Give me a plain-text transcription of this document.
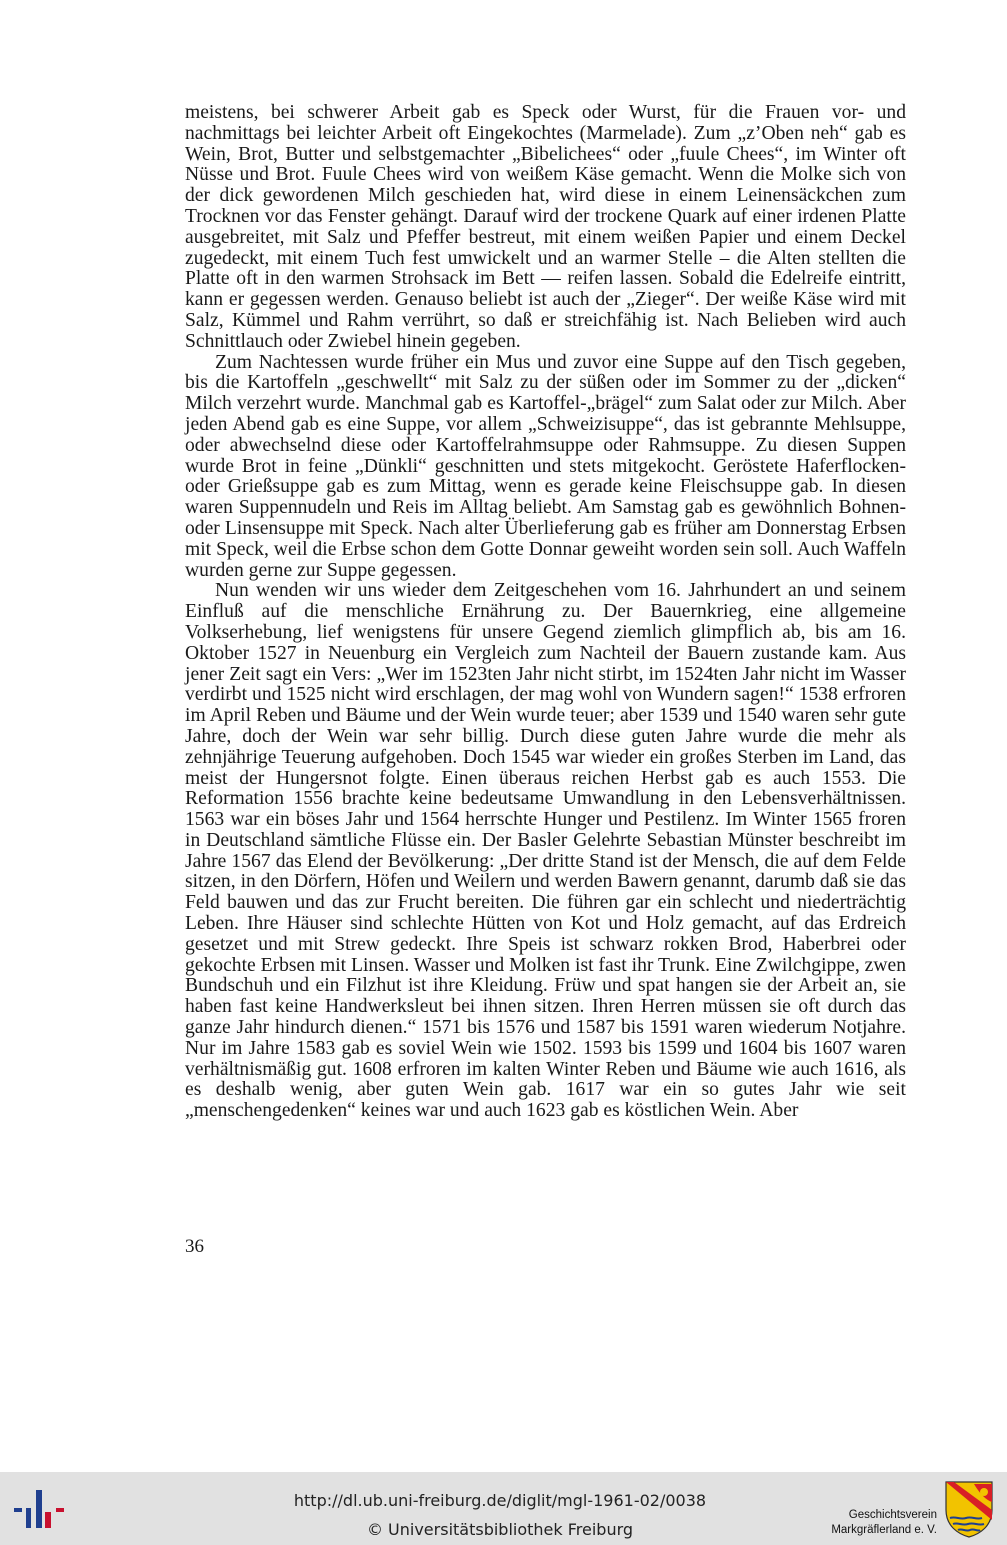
meistens, bei schwerer Arbeit gab es Speck oder Wurst, für die Frauen vor- und nachmittags bei leichter Arbeit oft Eingekochtes (Marmelade). Zum „z’Oben neh“ gab es Wein, Brot, Butter und selbstgemachter „Bibelichees“ oder „fuule Chees“, im Winter oft Nüsse und Brot. Fuule Chees wird von weißem Käse gemacht. Wenn die Molke sich von der dick gewordenen Milch geschieden hat, wird diese in einem Leinensäckchen zum Trocknen vor das Fenster gehängt. Darauf wird der trockene Quark auf einer irdenen Platte ausgebreitet, mit Salz und Pfeffer bestreut, mit einem weißen Papier und einem Deckel zugedeckt, mit einem Tuch fest umwickelt und an warmer Stelle – die Alten stellten die Platte oft in den warmen Strohsack im Bett — reifen lassen. Sobald die Edelreife eintritt, kann er gegessen werden. Genauso beliebt ist auch der „Zieger“. Der weiße Käse wird mit Salz, Kümmel und Rahm verrührt, so daß er streichfähig ist. Nach Belieben wird auch Schnittlauch oder Zwiebel hinein gegeben.

Zum Nachtessen wurde früher ein Mus und zuvor eine Suppe auf den Tisch gegeben, bis die Kartoffeln „geschwellt“ mit Salz zu der süßen oder im Sommer zu der „dicken“ Milch verzehrt wurde. Manchmal gab es Kartoffel-„brägel“ zum Salat oder zur Milch. Aber jeden Abend gab es eine Suppe, vor allem „Schweizisuppe“, das ist gebrannte Mehlsuppe, oder abwechselnd diese oder Kartoffelrahmsuppe oder Rahmsuppe. Zu diesen Suppen wurde Brot in feine „Dünkli“ geschnitten und stets mitgekocht. Geröstete Haferflocken- oder Grießsuppe gab es zum Mittag, wenn es gerade keine Fleischsuppe gab. In diesen waren Suppennudeln und Reis im Alltag beliebt. Am Samstag gab es gewöhnlich Bohnen- oder Linsensuppe mit Speck. Nach alter Überlieferung gab es früher am Donnerstag Erbsen mit Speck, weil die Erbse schon dem Gotte Donnar geweiht worden sein soll. Auch Waffeln wurden gerne zur Suppe gegessen.

Nun wenden wir uns wieder dem Zeitgeschehen vom 16. Jahrhundert an und seinem Einfluß auf die menschliche Ernährung zu. Der Bauernkrieg, eine allgemeine Volkserhebung, lief wenigstens für unsere Gegend ziemlich glimpflich ab, bis am 16. Oktober 1527 in Neuenburg ein Vergleich zum Nachteil der Bauern zustande kam. Aus jener Zeit sagt ein Vers: „Wer im 1523ten Jahr nicht stirbt, im 1524ten Jahr nicht im Wasser verdirbt und 1525 nicht wird erschlagen, der mag wohl von Wundern sagen!“ 1538 erfroren im April Reben und Bäume und der Wein wurde teuer; aber 1539 und 1540 waren sehr gute Jahre, doch der Wein war sehr billig. Durch diese guten Jahre wurde die mehr als zehnjährige Teuerung aufgehoben. Doch 1545 war wieder ein großes Sterben im Land, das meist der Hungersnot folgte. Einen überaus reichen Herbst gab es auch 1553. Die Reformation 1556 brachte keine bedeutsame Umwandlung in den Lebensverhältnissen. 1563 war ein böses Jahr und 1564 herrschte Hunger und Pestilenz. Im Winter 1565 froren in Deutschland sämtliche Flüsse ein. Der Basler Gelehrte Sebastian Münster beschreibt im Jahre 1567 das Elend der Bevölkerung: „Der dritte Stand ist der Mensch, die auf dem Felde sitzen, in den Dörfern, Höfen und Weilern und werden Bawern genannt, darumb daß sie das Feld bauwen und das zur Frucht bereiten. Die führen gar ein schlecht und niederträchtig Leben. Ihre Häuser sind schlechte Hütten von Kot und Holz gemacht, auf das Erdreich gesetzet und mit Strew gedeckt. Ihre Speis ist schwarz rokken Brod, Haberbrei oder gekochte Erbsen mit Linsen. Wasser und Molken ist fast ihr Trunk. Eine Zwilchgippe, zwen Bundschuh und ein Filzhut ist ihre Kleidung. Früw und spat hangen sie der Arbeit an, sie haben fast keine Handwerksleut bei ihnen sitzen. Ihren Herren müssen sie oft durch das ganze Jahr hindurch dienen.“ 1571 bis 1576 und 1587 bis 1591 waren wiederum Notjahre. Nur im Jahre 1583 gab es soviel Wein wie 1502. 1593 bis 1599 und 1604 bis 1607 waren verhältnismäßig gut. 1608 erfroren im kalten Winter Reben und Bäume wie auch 1616, als es deshalb wenig, aber guten Wein gab. 1617 war ein so gutes Jahr wie seit „menschengedenken“ keines war und auch 1623 gab es köstlichen Wein. Aber

36
http://dl.ub.uni-freiburg.de/diglit/mgl-1961-02/0038
© Universitätsbibliothek Freiburg
Geschichtsverein
Markgräflerland e. V.
